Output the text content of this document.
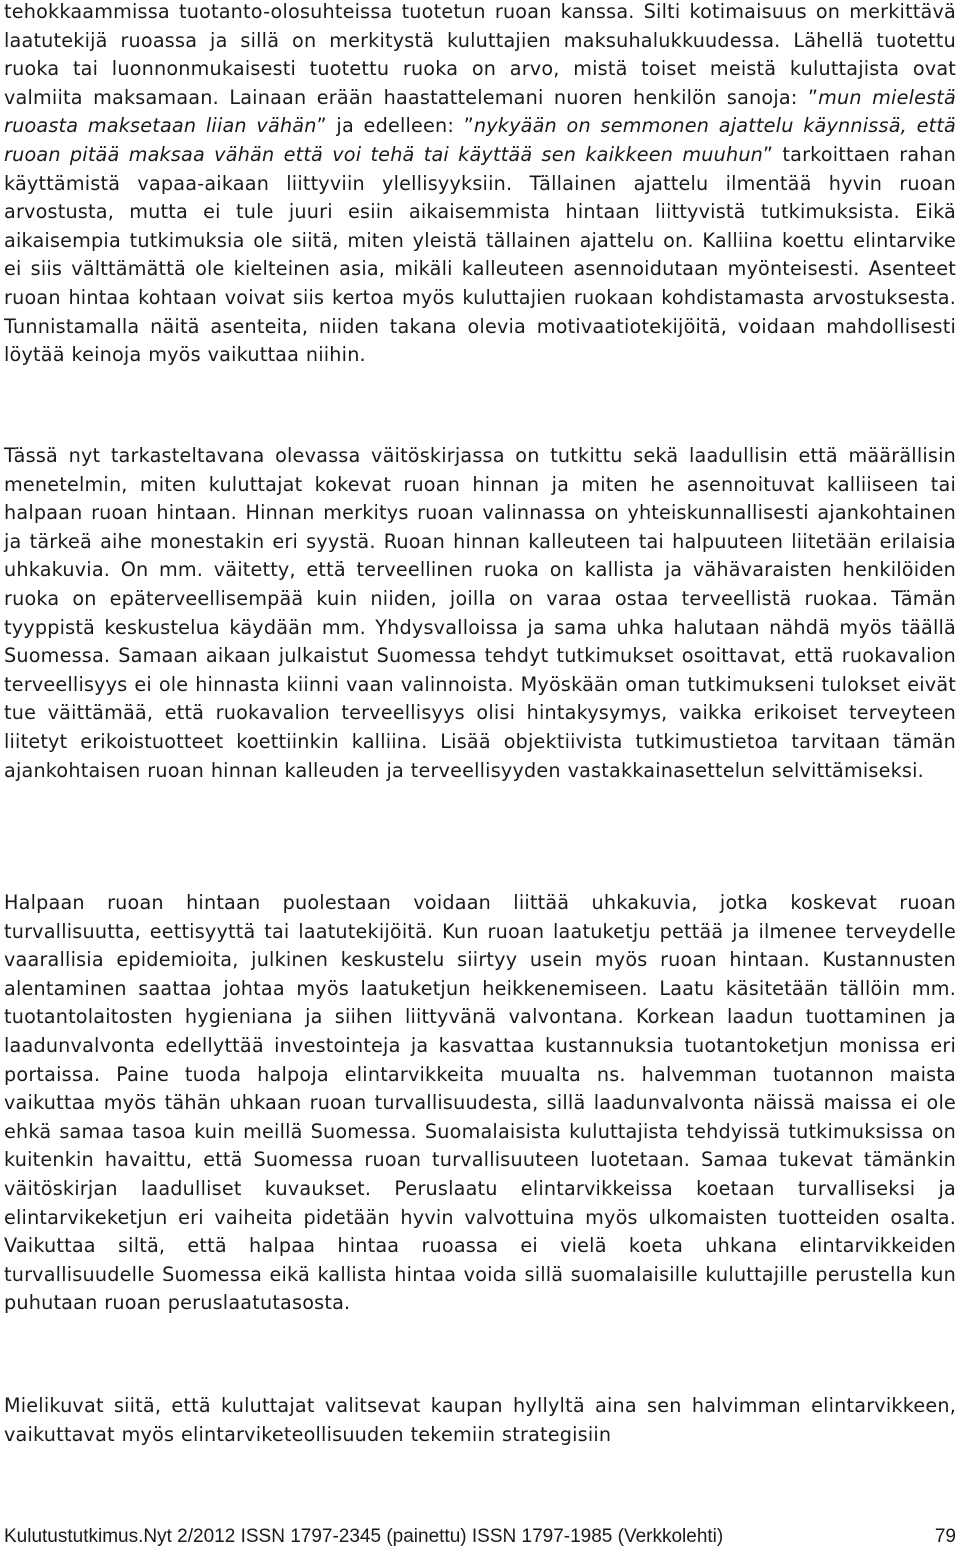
tehokkaammissa tuotanto-olosuhteissa tuotetun ruoan kanssa. Silti kotimaisuus on merkittävä laatutekijä ruoassa ja sillä on merkitystä kuluttajien maksuhalukkuudessa. Lähellä tuotettu ruoka tai luonnonmukaisesti tuotettu ruoka on arvo, mistä toiset meistä kuluttajista ovat valmiita maksamaan. Lainaan erään haastattelemani nuoren henkilön sanoja: ”mun mielestä ruoasta maksetaan liian vähän” ja edelleen: ”nykyään on semmonen ajattelu käynnissä, että ruoan pitää maksaa vähän että voi tehä tai käyttää sen kaikkeen muuhun” tarkoittaen rahan käyttämistä vapaa-aikaan liittyviin ylellisyyksiin. Tällainen ajattelu ilmentää hyvin ruoan arvostusta, mutta ei tule juuri esiin aikaisemmista hintaan liittyvistä tutkimuksista. Eikä aikaisempia tutkimuksia ole siitä, miten yleistä tällainen ajattelu on. Kalliina koettu elintarvike ei siis välttämättä ole kielteinen asia, mikäli kalleuteen asennoidutaan myönteisesti. Asenteet ruoan hintaa kohtaan voivat siis kertoa myös kuluttajien ruokaan kohdistamasta arvostuksesta. Tunnistamalla näitä asenteita, niiden takana olevia motivaatiotekijöitä, voidaan mahdollisesti löytää keinoja myös vaikuttaa niihin.

Tässä nyt tarkasteltavana olevassa väitöskirjassa on tutkittu sekä laadullisin että määrällisin menetelmin, miten kuluttajat kokevat ruoan hinnan ja miten he asennoituvat kalliiseen tai halpaan ruoan hintaan. Hinnan merkitys ruoan valinnassa on yhteiskunnallisesti ajankohtainen ja tärkeä aihe monestakin eri syystä. Ruoan hinnan kalleuteen tai halpuuteen liitetään erilaisia uhkakuvia. On mm. väitetty, että terveellinen ruoka on kallista ja vähävaraisten henkilöiden ruoka on epäterveellisempää kuin niiden, joilla on varaa ostaa terveellistä ruokaa. Tämän tyyppistä keskustelua käydään mm. Yhdysvalloissa ja sama uhka halutaan nähdä myös täällä Suomessa. Samaan aikaan julkaistut Suomessa tehdyt tutkimukset osoittavat, että ruokavalion terveellisyys ei ole hinnasta kiinni vaan valinnoista. Myöskään oman tutkimukseni tulokset eivät tue väittämää, että ruokavalion terveellisyys olisi hintakysymys, vaikka erikoiset terveyteen liitetyt erikoistuotteet koettiinkin kalliina. Lisää objektiivista tutkimustietoa tarvitaan tämän ajankohtaisen ruoan hinnan kalleuden ja terveellisyyden vastakkainasettelun selvittämiseksi.

Halpaan ruoan hintaan puolestaan voidaan liittää uhkakuvia, jotka koskevat ruoan turvallisuutta, eettisyyttä tai laatutekijöitä. Kun ruoan laatuketju pettää ja ilmenee terveydelle vaarallisia epidemioita, julkinen keskustelu siirtyy usein myös ruoan hintaan. Kustannusten alentaminen saattaa johtaa myös laatuketjun heikkenemiseen. Laatu käsitetään tällöin mm. tuotantolaitosten hygieniana ja siihen liittyvänä valvontana. Korkean laadun tuottaminen ja laadunvalvonta edellyttää investointeja ja kasvattaa kustannuksia tuotantoketjun monissa eri portaissa. Paine tuoda halpoja elintarvikkeita muualta ns. halvemman tuotannon maista vaikuttaa myös tähän uhkaan ruoan turvallisuudesta, sillä laadunvalvonta näissä maissa ei ole ehkä samaa tasoa kuin meillä Suomessa. Suomalaisista kuluttajista tehdyissä tutkimuksissa on kuitenkin havaittu, että Suomessa ruoan turvallisuuteen luotetaan. Samaa tukevat tämänkin väitöskirjan laadulliset kuvaukset. Peruslaatu elintarvikkeissa koetaan turvalliseksi ja elintarvikeketjun eri vaiheita pidetään hyvin valvottuina myös ulkomaisten tuotteiden osalta. Vaikuttaa siltä, että halpaa hintaa ruoassa ei vielä koeta uhkana elintarvikkeiden turvallisuudelle Suomessa eikä kallista hintaa voida sillä suomalaisille kuluttajille perustella kun puhutaan ruoan peruslaatutasosta.

Mielikuvat siitä, että kuluttajat valitsevat kaupan hyllyltä aina sen halvimman elintarvikkeen, vaikuttavat myös elintarviketeollisuuden tekemiin strategisiin

Kulutustutkimus.Nyt 2/2012 ISSN 1797-2345 (painettu) ISSN 1797-1985 (Verkkolehti)	79
